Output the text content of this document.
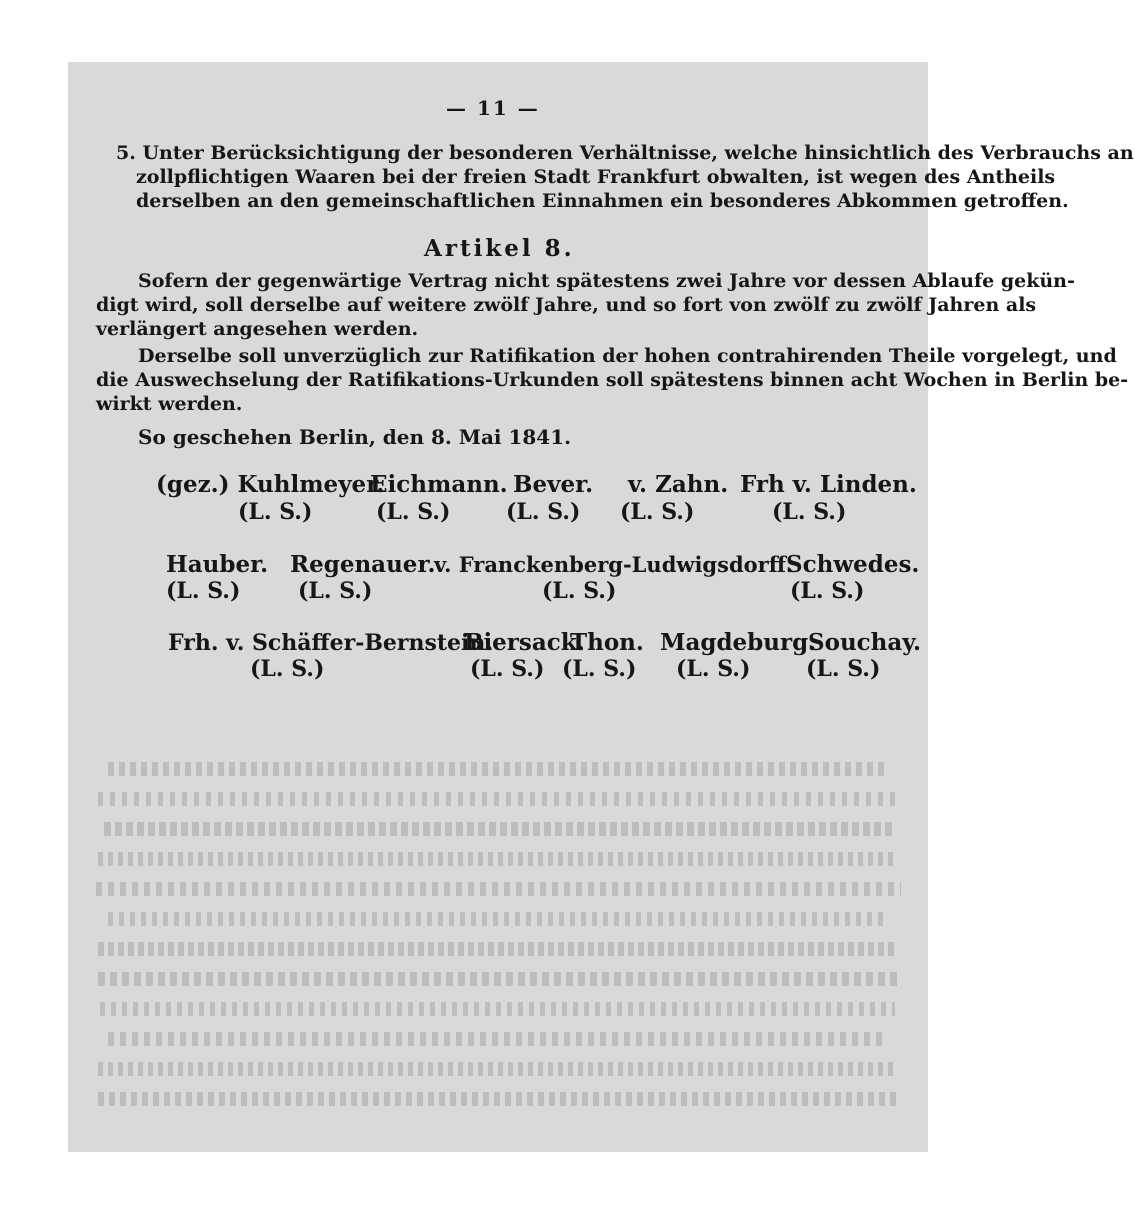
— 11 —
5. Unter Berücksichtigung der besonderen Verhältnisse, welche hinsichtlich des Verbrauchs an
zollpflichtigen Waaren bei der freien Stadt Frankfurt obwalten, ist wegen des Antheils
derselben an den gemeinschaftlichen Einnahmen ein besonderes Abkommen getroffen.
Artikel 8.
Sofern der gegenwärtige Vertrag nicht spätestens zwei Jahre vor dessen Ablaufe gekün-
digt wird, soll derselbe auf weitere zwölf Jahre, und so fort von zwölf zu zwölf Jahren als
verlängert angesehen werden.
Derselbe soll unverzüglich zur Ratifikation der hohen contrahirenden Theile vorgelegt, und
die Auswechselung der Ratifikations-Urkunden soll spätestens binnen acht Wochen in Berlin be-
wirkt werden.
So geschehen Berlin, den 8. Mai 1841.
(gez.) Kuhlmeyer.
(L. S.)
Eichmann.
(L. S.)
Bever.
(L. S.)
v. Zahn.
(L. S.)
Frh v. Linden.
(L. S.)
Hauber.
(L. S.)
Regenauer.
(L. S.)
v. Franckenberg-Ludwigsdorff.
(L. S.)
Schwedes.
(L. S.)
Frh. v. Schäffer-Bernstein.
(L. S.)
Biersack.
(L. S.)
Thon.
(L. S.)
Magdeburg.
(L. S.)
Souchay.
(L. S.)
